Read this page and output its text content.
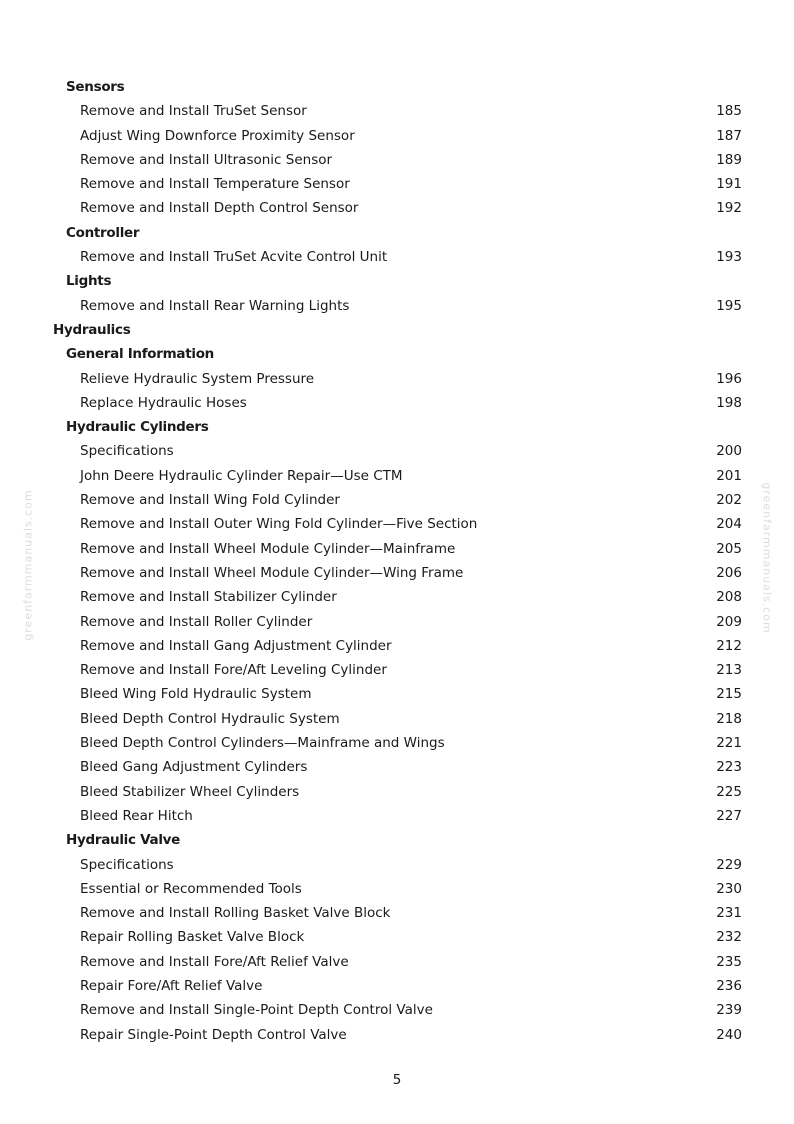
greenfarmmanuals.com	greenfarmmanuals.com
Sensors
Remove and Install TruSet Sensor	185
Adjust Wing Downforce Proximity Sensor	187
Remove and Install Ultrasonic Sensor	189
Remove and Install Temperature Sensor	191
Remove and Install Depth Control Sensor	192
Controller
Remove and Install TruSet Acvite Control Unit	193
Lights
Remove and Install Rear Warning Lights	195
Hydraulics
General Information
Relieve Hydraulic System Pressure	196
Replace Hydraulic Hoses	198
Hydraulic Cylinders
Specifications	200
John Deere Hydraulic Cylinder Repair—Use CTM	201
Remove and Install Wing Fold Cylinder	202
Remove and Install Outer Wing Fold Cylinder—Five Section	204
Remove and Install Wheel Module Cylinder—Mainframe	205
Remove and Install Wheel Module Cylinder—Wing Frame	206
Remove and Install Stabilizer Cylinder	208
Remove and Install Roller Cylinder	209
Remove and Install Gang Adjustment Cylinder	212
Remove and Install Fore/Aft Leveling Cylinder	213
Bleed Wing Fold Hydraulic System	215
Bleed Depth Control Hydraulic System	218
Bleed Depth Control Cylinders—Mainframe and Wings	221
Bleed Gang Adjustment Cylinders	223
Bleed Stabilizer Wheel Cylinders	225
Bleed Rear Hitch	227
Hydraulic Valve
Specifications	229
Essential or Recommended Tools	230
Remove and Install Rolling Basket Valve Block	231
Repair Rolling Basket Valve Block	232
Remove and Install Fore/Aft Relief Valve	235
Repair Fore/Aft Relief Valve	236
Remove and Install Single-Point Depth Control Valve	239
Repair Single-Point Depth Control Valve	240
5
